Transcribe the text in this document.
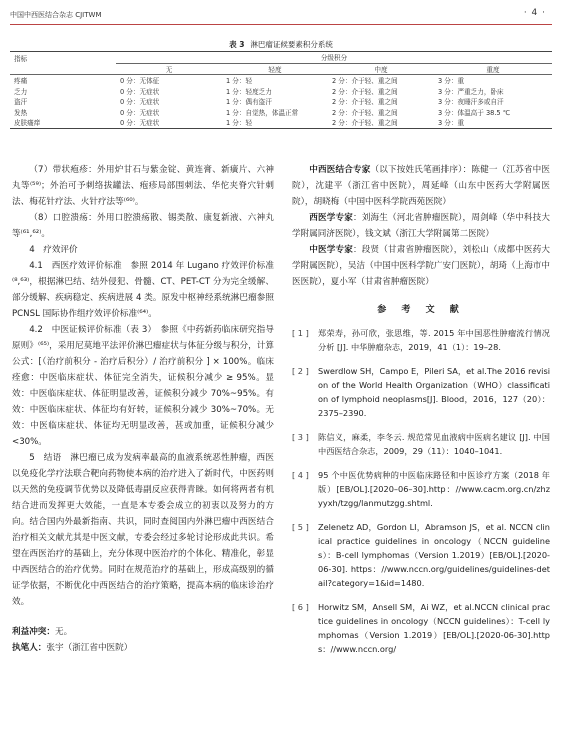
中国中西医结合杂志 CJITWM	· 4 ·
表 3 淋巴瘤证候要素积分系统
指标	分级积分			
	无	轻度	中度	重度
疼痛	0 分：无体征	1 分：轻	2 分：介于轻、重之间	3 分：重
乏力	0 分：无症状	1 分：轻度乏力	2 分：介于轻、重之间	3 分：严重乏力，卧床
盗汗	0 分：无症状	1 分：偶有盗汗	2 分：介于轻、重之间	3 分：夜睡汗多或自汗
发热	0 分：无症状	1 分：自觉热，体温正常	2 分：介于轻、重之间	3 分：体温高于 38.5 ℃
皮肤瘙痒	0 分：无症状	1 分：轻	2 分：介于轻、重之间	3 分：重

（7）带状疱疹：外用炉甘石与紫金锭、黄连膏、新癀片、六神丸等⁽⁵⁹⁾；外治可予刺络拔罐法、疱疹局部围刺法、华佗夹脊穴针刺法、梅花针疗法、火针疗法等⁽⁶⁰⁾。

（8）口腔溃疡：外用口腔溃疡散、锡类散、康复新液、六神丸等⁽⁶¹,⁶²⁾。

4　疗效评价

4.1　西医疗效评价标准　参照 2014 年 Lugano 疗效评价标准⁽⁸,⁶³⁾，根据淋巴结、结外侵犯、骨髓、CT、PET-CT 分为完全缓解、部分缓解、疾病稳定、疾病进展 4 类。原发中枢神经系统淋巴瘤参照 PCNSL 国际协作组疗效评价标准⁽⁶⁴⁾。

4.2　中医证候评价标准（表 3）　参照《中药新药临床研究指导原则》⁽⁶⁵⁾，采用尼莫地平法评价淋巴瘤症状与体征分级与积分，计算公式：[（治疗前积分 - 治疗后积分）/ 治疗前积分 ] × 100%。临床痊愈：中医临床症状、体征完全消失，证候积分减少 ≥ 95%。显效：中医临床症状、体征明显改善，证候积分减少 70%~95%。有效：中医临床症状、体征均有好转，证候积分减少 30%~70%。无效：中医临床症状、体征均无明显改善，甚或加重，证候积分减少 <30%。

5　结语　淋巴瘤已成为发病率最高的血液系统恶性肿瘤，西医以免疫化学疗法联合靶向药物使本病的治疗进入了新时代，中医药则以天然的免疫调节优势以及降低毒副反应获得青睐。如何将两者有机结合进而发挥更大效能，一直是本专委会成立的初衷以及努力的方向。结合国内外最新指南、共识，同时查阅国内外淋巴瘤中西医结合治疗相关文献尤其是中医文献，专委会经过多轮讨论形成此共识。希望在西医治疗的基础上，充分体现中医治疗的个体化、精准化，彰显中西医结合的治疗优势。同时在规范治疗的基础上，形成高级别的循证学依据，不断优化中西医结合的治疗策略，提高本病的临床诊治疗效。

利益冲突：无。

执笔人：张宇（浙江省中医院）

中西医结合专家（以下按姓氏笔画排序）：陈健一（江苏省中医院），沈建平（浙江省中医院），周延峰（山东中医药大学附属医院），胡晓梅（中国中医科学院西苑医院）

西医学专家：刘海生（河北省肿瘤医院），周剑峰（华中科技大学附属同济医院），钱文斌（浙江大学附属第二医院）

中医学专家：段贤（甘肃省肿瘤医院），刘松山（成都中医药大学附属医院），吴洁（中国中医科学院广安门医院），胡琦（上海市中医医院），夏小军（甘肃省肿瘤医院）

参 考 文 献
[ 1 ]	郑荣寿，孙可欣，张思维，等. 2015 年中国恶性肿瘤流行情况分析 [J]. 中华肿瘤杂志，2019，41（1）：19–28.
[ 2 ]	Swerdlow SH，Campo E，Pileri SA，et al.The 2016 revision of the World Health Organization（WHO）classification of lymphoid neoplasms[J]. Blood，2016，127（20）：2375–2390.
[ 3 ]	陈信义，麻柔，李冬云. 规范常见血液病中医病名建议 [J]. 中国中西医结合杂志，2009，29（11）：1040–1041.
[ 4 ]	95 个中医优势病种的中医临床路径和中医诊疗方案（2018 年版）[EB/OL].[2020–06–30].http：//www.cacm.org.cn/zhzyyxh/tzgg/lanmutzgg.shtml.
[ 5 ]	Zelenetz AD，Gordon LI，Abramson JS，et al. NCCN clinical practice guidelines in oncology（NCCN guidelines）：B-cell lymphomas（Version 1.2019）[EB/OL].[2020-06-30]. https：//www.nccn.org/guidelines/guidelines-detail?category=1&id=1480.
[ 6 ]	Horwitz SM，Ansell SM，Ai WZ，et al.NCCN clinical practice guidelines in oncology（NCCN guidelines）：T-cell lymphomas（Version 1.2019）[EB/OL].[2020-06-30].https：//www.nccn.org/
